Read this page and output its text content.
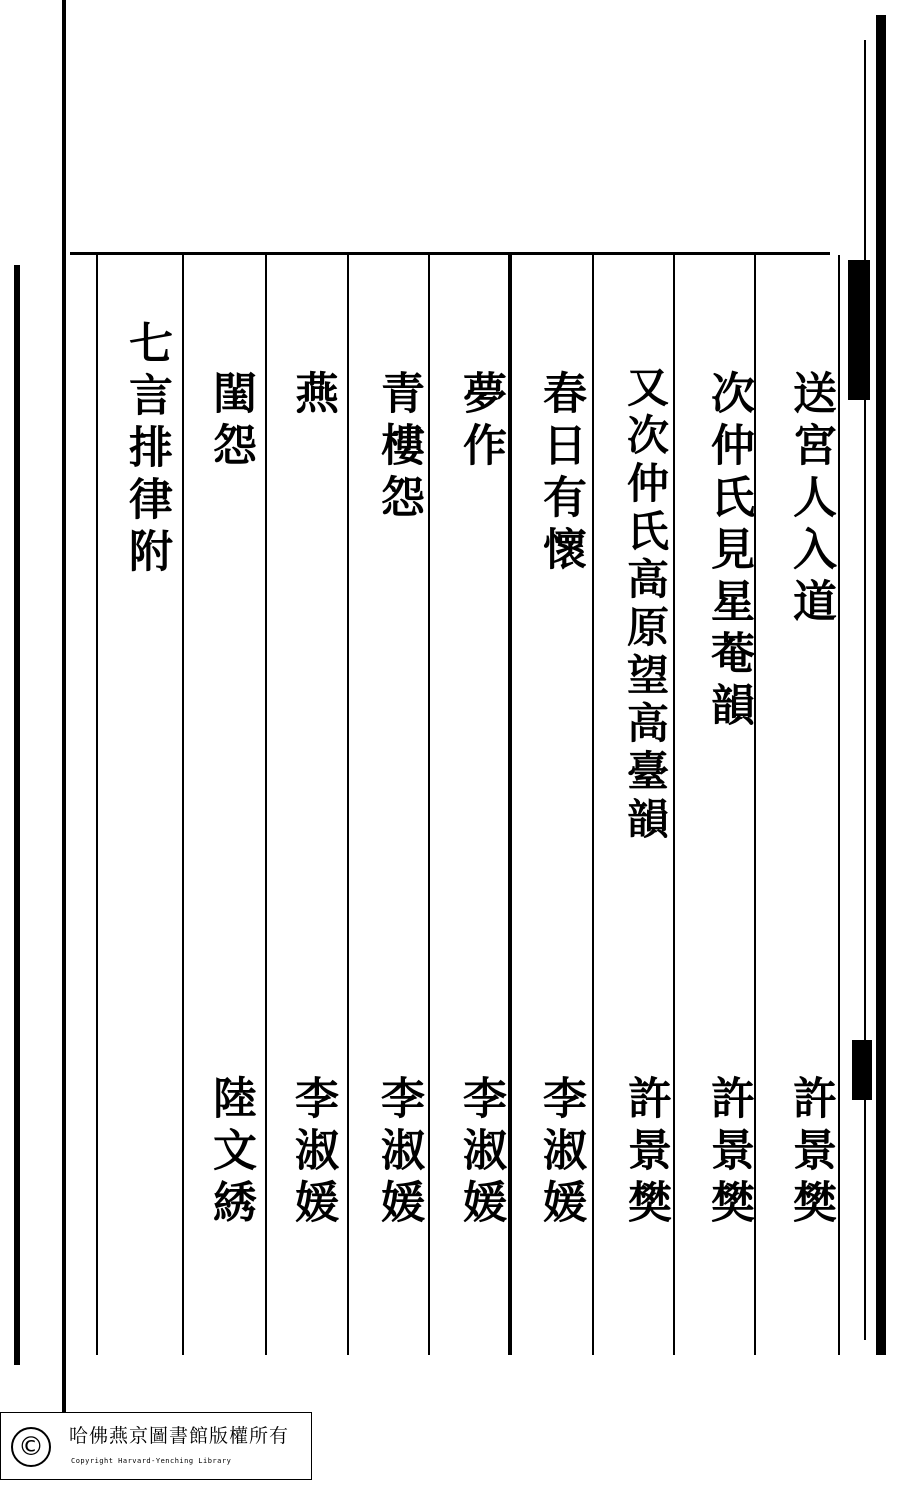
送宮人入道
許景樊
次仲氏見星菴韻
許景樊
又次仲氏高原望高臺韻
許景樊
春日有懷
李淑媛
夢作
李淑媛
青樓怨
李淑媛
燕
李淑媛
閨怨
陸文綉
七言排律附
©	哈佛燕京圖書館版權所有
Copyright Harvard-Yenching Library
